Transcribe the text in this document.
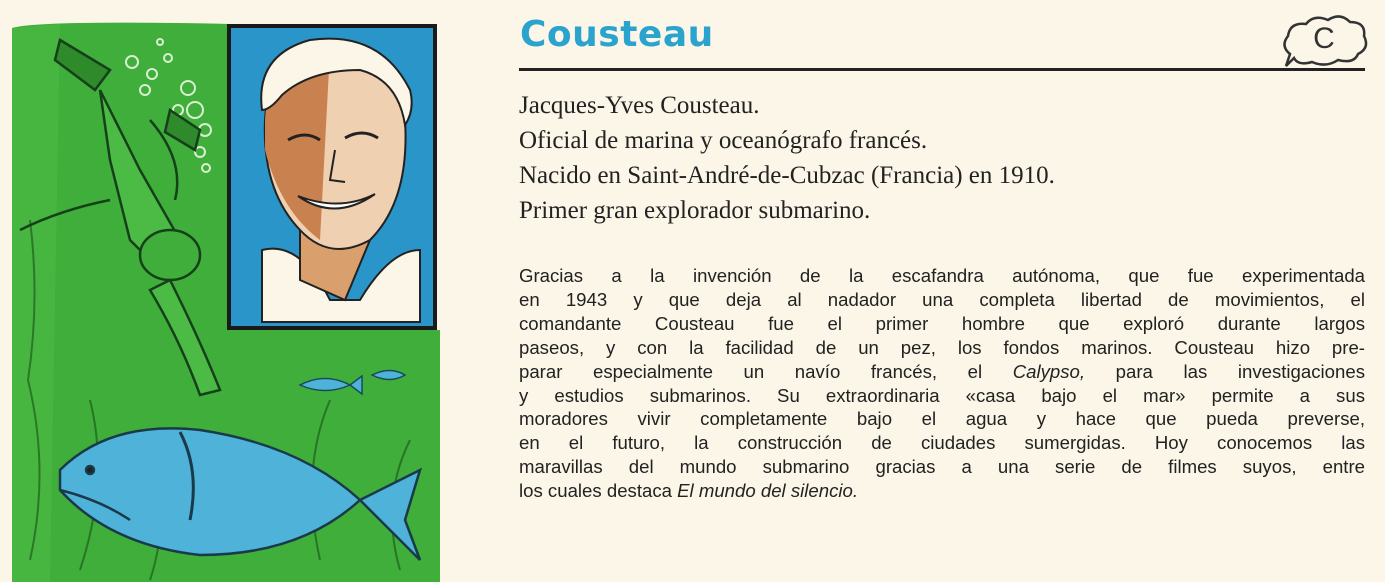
Cousteau	C
Jacques-Yves Cousteau.
Oficial de marina y oceanógrafo francés.
Nacido en Saint-André-de-Cubzac (Francia) en 1910.
Primer gran explorador submarino.
Gracias a la invención de la escafandra autónoma, que fue experimentada
en 1943 y que deja al nadador una completa libertad de movimientos, el
comandante Cousteau fue el primer hombre que exploró durante largos
paseos, y con la facilidad de un pez, los fondos marinos. Cousteau hizo pre-
parar especialmente un navío francés, el Calypso, para las investigaciones
y estudios submarinos. Su extraordinaria «casa bajo el mar» permite a sus
moradores vivir completamente bajo el agua y hace que pueda preverse,
en el futuro, la construcción de ciudades sumergidas. Hoy conocemos las
maravillas del mundo submarino gracias a una serie de filmes suyos, entre
los cuales destaca El mundo del silencio.
